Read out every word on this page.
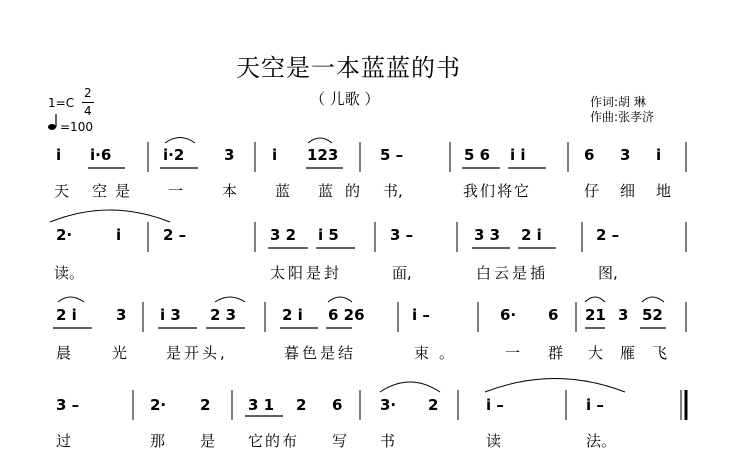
天空是一本蓝蓝的书
（ 儿歌 ）
1=C
2
4
=100
作词:胡 琳
作曲:张孝济
i i·6	i·2	3	i 123	5 –	5 6 i i	6 3 i
天 空是 一	本	蓝 蓝的 书,	我们将它	仔 细 地
2·	i	2 –	3 2 i 5	3 –	3 3 2 i	2 –
读。	太阳是封	面,	白云是插	图,
2 i	3 i 3 2 3	2 i 6 26	i –	6· 6 21 3 52
晨	光	是开头,	暮色是结	束。	一 群 大 雁 飞
3 –	2· 2	3 1 2 6	3· 2	i –	i –
过	那 是 它的布 写 书	读	法。
